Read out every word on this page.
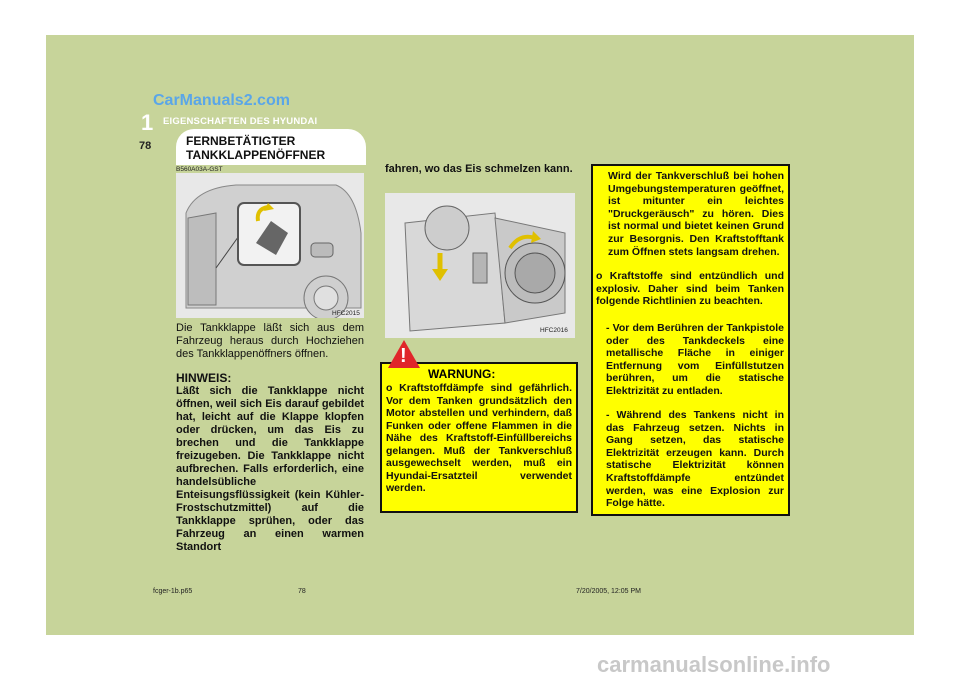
CarManuals2.com
1 EIGENSCHAFTEN DES HYUNDAI
78	FERNBETÄTIGTER
TANKKLAPPENÖFFNER
B560A03A-GST
HFC2015
Die Tankklappe läßt sich aus dem Fahrzeug heraus durch Hochziehen des Tankklappenöffners öffnen.
HINWEIS:
Läßt sich die Tankklappe nicht öffnen, weil sich Eis darauf gebildet hat, leicht auf die Klappe klopfen oder drücken, um das Eis zu brechen und die Tankklappe freizugeben. Die Tankklappe nicht aufbrechen. Falls erforderlich, eine handelsübliche Enteisungsflüssigkeit (kein Kühler-Frostschutzmittel) auf die Tankklappe sprühen, oder das Fahrzeug an einen warmen Standort
fahren, wo das Eis schmelzen kann.
HFC2016
!
WARNUNG:
o Kraftstoffdämpfe sind gefährlich. Vor dem Tanken grundsätzlich den Motor abstellen und verhindern, daß Funken oder offene Flammen in die Nähe des Kraftstoff-Einfüllbereichs gelangen. Muß der Tankverschluß ausgewechselt werden, muß ein Hyundai-Ersatzteil verwendet werden.
Wird der Tankverschluß bei hohen Umgebungstemperaturen geöffnet, ist mitunter ein leichtes "Druckgeräusch" zu hören. Dies ist normal und bietet keinen Grund zur Besorgnis. Den Kraftstofftank zum Öffnen stets langsam drehen.
o Kraftstoffe sind entzündlich und explosiv. Daher sind beim Tanken folgende Richtlinien zu beachten.
- Vor dem Berühren der Tankpistole oder des Tankdeckels eine metallische Fläche in einiger Entfernung vom Einfüllstutzen berühren, um die statische Elektrizität zu entladen.
- Während des Tankens nicht in das Fahrzeug setzen. Nichts in Gang setzen, das statische Elektrizität erzeugen kann. Durch statische Elektrizität können Kraftstoffdämpfe entzündet werden, was eine Explosion zur Folge hätte.
fcger-1b.p65	78	7/20/2005, 12:05 PM
carmanualsonline.info
